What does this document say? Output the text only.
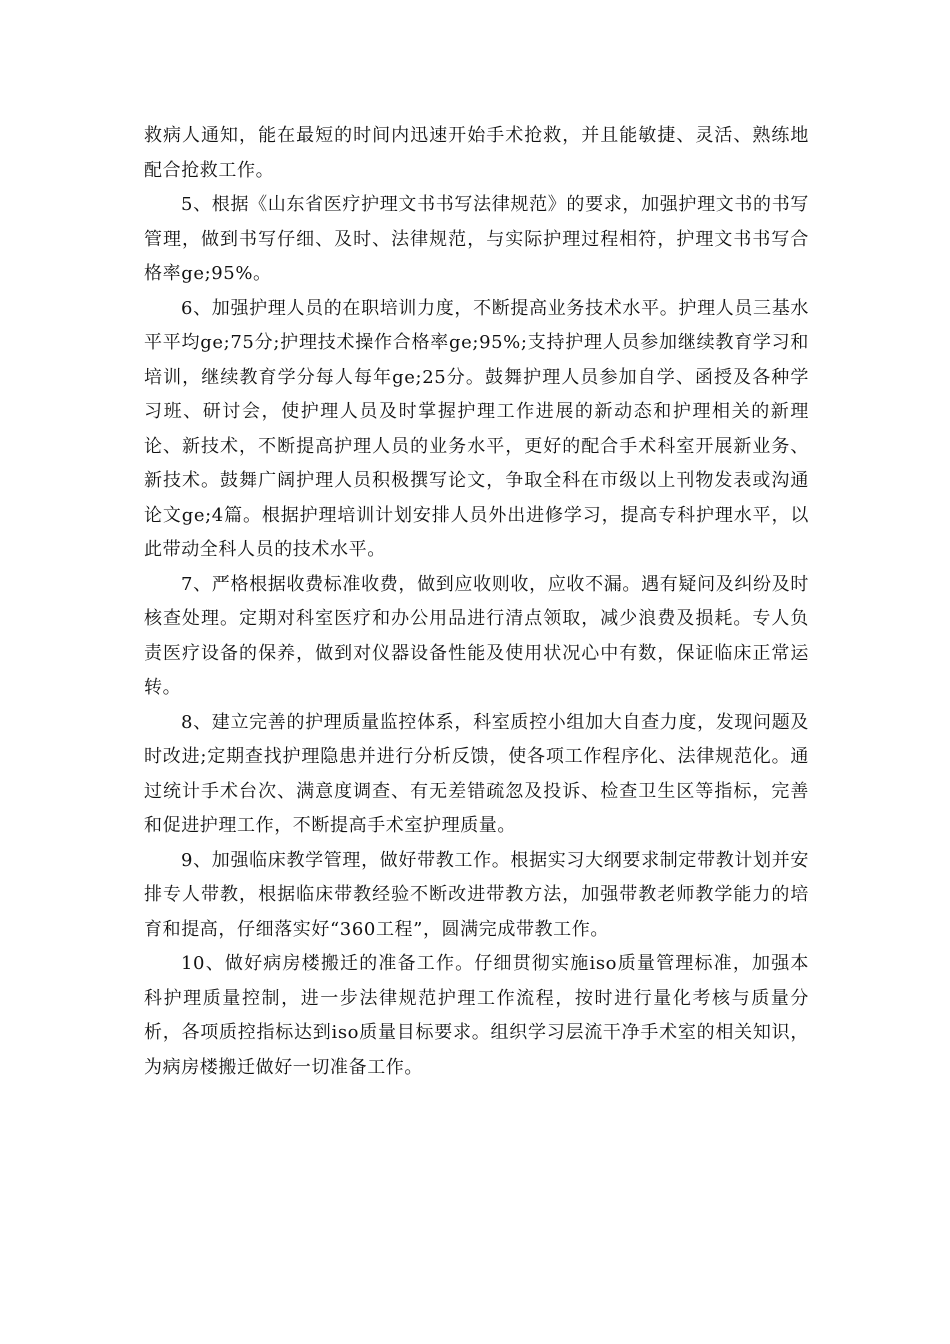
救病人通知，能在最短的时间内迅速开始手术抢救，并且能敏捷、灵活、熟练地配合抢救工作。

5、根据《山东省医疗护理文书书写法律规范》的要求，加强护理文书的书写管理，做到书写仔细、及时、法律规范，与实际护理过程相符，护理文书书写合格率ge;95%。

6、加强护理人员的在职培训力度，不断提高业务技术水平。护理人员三基水平平均ge;75分;护理技术操作合格率ge;95%;支持护理人员参加继续教育学习和培训，继续教育学分每人每年ge;25分。鼓舞护理人员参加自学、函授及各种学习班、研讨会，使护理人员及时掌握护理工作进展的新动态和护理相关的新理论、新技术，不断提高护理人员的业务水平，更好的配合手术科室开展新业务、新技术。鼓舞广阔护理人员积极撰写论文，争取全科在市级以上刊物发表或沟通论文ge;4篇。根据护理培训计划安排人员外出进修学习，提高专科护理水平，以此带动全科人员的技术水平。

7、严格根据收费标准收费，做到应收则收，应收不漏。遇有疑问及纠纷及时核查处理。定期对科室医疗和办公用品进行清点领取，减少浪费及损耗。专人负责医疗设备的保养，做到对仪器设备性能及使用状况心中有数，保证临床正常运转。

8、建立完善的护理质量监控体系，科室质控小组加大自查力度，发现问题及时改进;定期查找护理隐患并进行分析反馈，使各项工作程序化、法律规范化。通过统计手术台次、满意度调查、有无差错疏忽及投诉、检查卫生区等指标，完善和促进护理工作，不断提高手术室护理质量。

9、加强临床教学管理，做好带教工作。根据实习大纲要求制定带教计划并安排专人带教，根据临床带教经验不断改进带教方法，加强带教老师教学能力的培育和提高，仔细落实好“360工程”，圆满完成带教工作。

10、做好病房楼搬迁的准备工作。仔细贯彻实施iso质量管理标准，加强本科护理质量控制，进一步法律规范护理工作流程，按时进行量化考核与质量分析，各项质控指标达到iso质量目标要求。组织学习层流干净手术室的相关知识，为病房楼搬迁做好一切准备工作。
